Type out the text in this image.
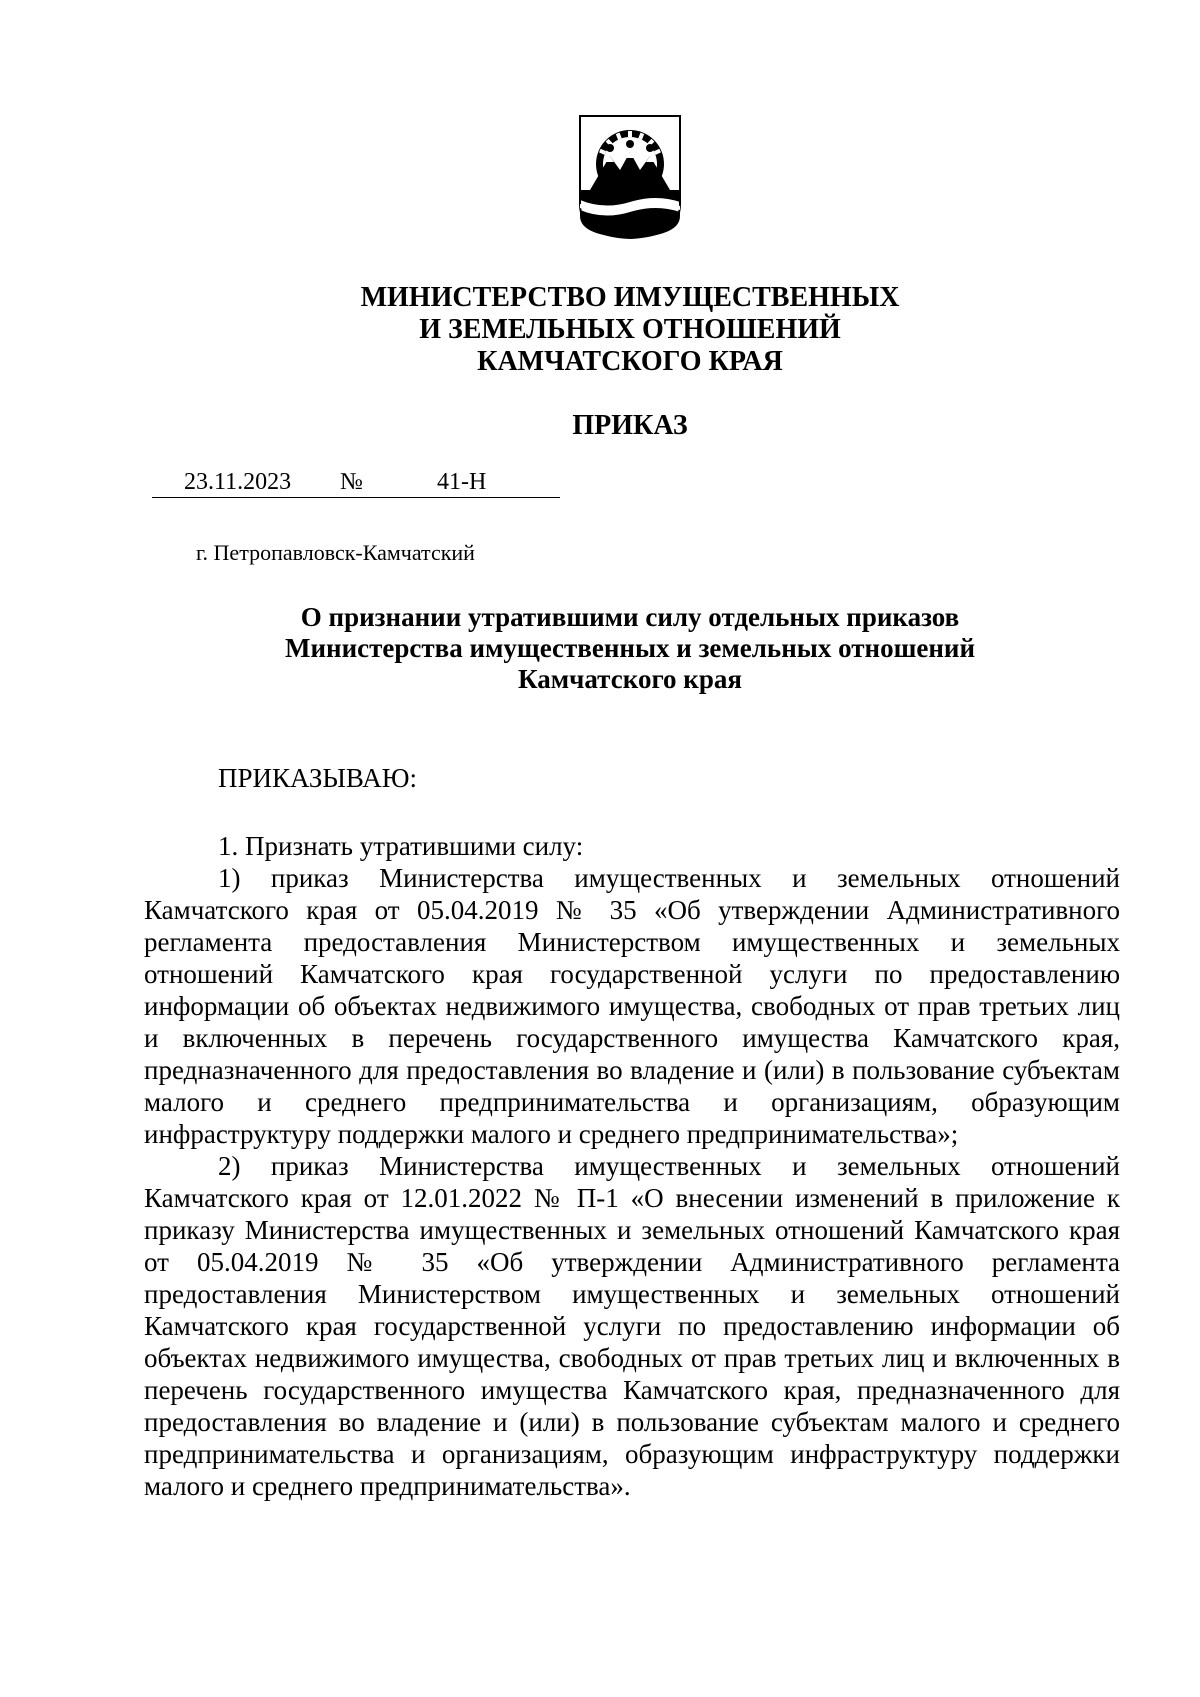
МИНИСТЕРСТВО ИМУЩЕСТВЕННЫХ
И ЗЕМЕЛЬНЫХ ОТНОШЕНИЙ
КАМЧАТСКОГО КРАЯ
ПРИКАЗ
23.11.2023 №	41-Н
г. Петропавловск-Камчатский
О признании утратившими силу отдельных приказов
Министерства имущественных и земельных отношений
Камчатского края
ПРИКАЗЫВАЮ:

1. Признать утратившими силу:

1) приказ Министерства имущественных и земельных отношений Камчатского края от 05.04.2019 № 35 «Об утверждении Административного регламента предоставления Министерством имущественных и земельных отношений Камчатского края государственной услуги по предоставлению информации об объектах недвижимого имущества, свободных от прав третьих лиц и включенных в перечень государственного имущества Камчатского края, предназначенного для предоставления во владение и (или) в пользование субъектам малого и среднего предпринимательства и организациям, образующим инфраструктуру поддержки малого и среднего предпринимательства»;

2) приказ Министерства имущественных и земельных отношений Камчатского края от 12.01.2022 № П-1 «О внесении изменений в приложение к приказу Министерства имущественных и земельных отношений Камчатского края от 05.04.2019 № 35 «Об утверждении Административного регламента предоставления Министерством имущественных и земельных отношений Камчатского края государственной услуги по предоставлению информации об объектах недвижимого имущества, свободных от прав третьих лиц и включенных в перечень государственного имущества Камчатского края, предназначенного для предоставления во владение и (или) в пользование субъектам малого и среднего предпринимательства и организациям, образующим инфраструктуру поддержки малого и среднего предпринимательства».
